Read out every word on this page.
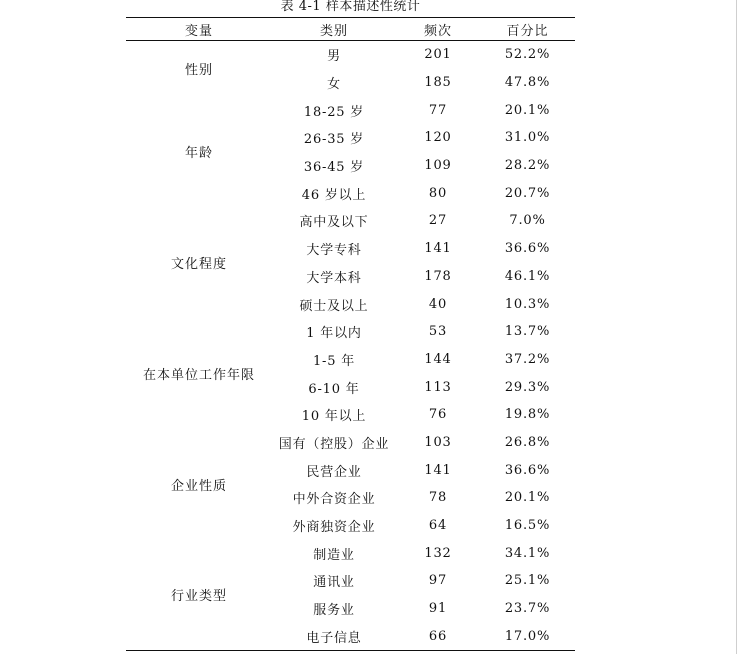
表 4-1 样本描述性统计
变量	类别	频次	百分比
性别	男	201	52.2%
	女	185	47.8%
年龄	18-25 岁	77	20.1%
	26-35 岁	120	31.0%
	36-45 岁	109	28.2%
	46 岁以上	80	20.7%
文化程度	高中及以下	27	7.0%
	大学专科	141	36.6%
	大学本科	178	46.1%
	硕士及以上	40	10.3%
在本单位工作年限	1 年以内	53	13.7%
	1-5 年	144	37.2%
	6-10 年	113	29.3%
	10 年以上	76	19.8%
企业性质	国有（控股）企业	103	26.8%
	民营企业	141	36.6%
	中外合资企业	78	20.1%
	外商独资企业	64	16.5%
行业类型	制造业	132	34.1%
	通讯业	97	25.1%
	服务业	91	23.7%
	电子信息	66	17.0%
